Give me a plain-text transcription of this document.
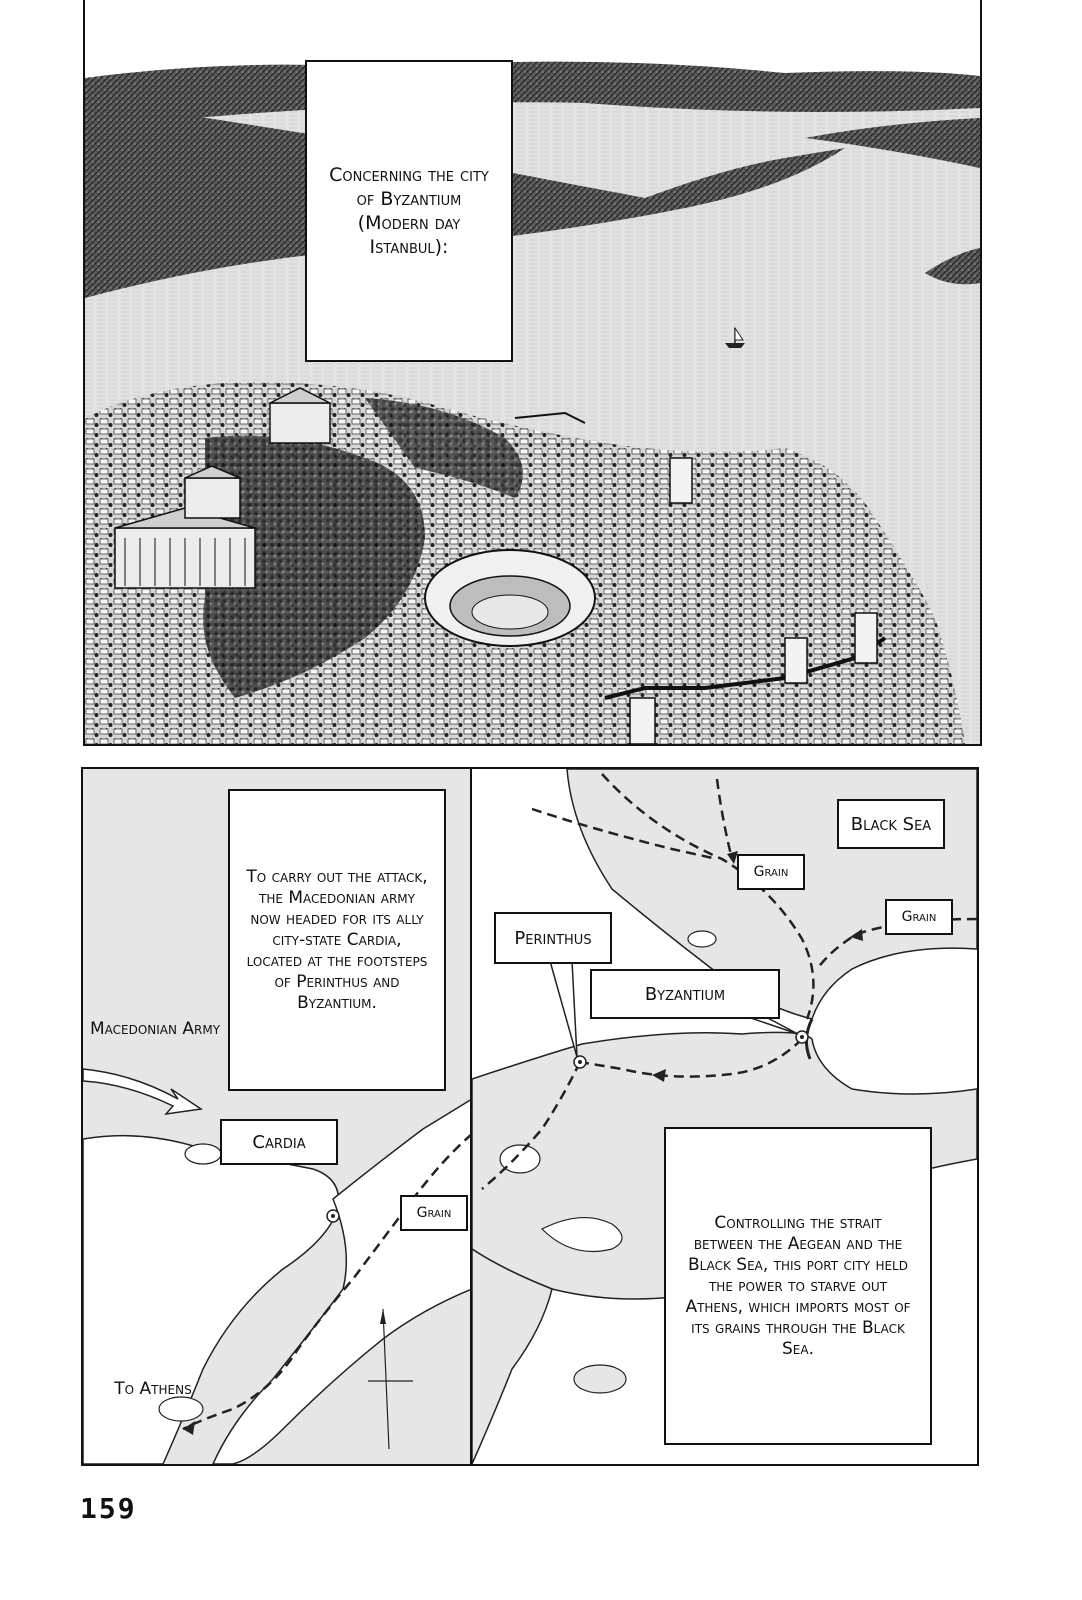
Concerning the city of Byzantium (Modern day Istanbul):
To carry out the attack, the Macedonian army now headed for its ally city-state Cardia, located at the footsteps of Perinthus and Byzantium.
Macedonian Army
Cardia
To Athens
Black Sea
Grain
Grain
Perinthus
Byzantium
Controlling the strait between the Aegean and the Black Sea, this port city held the power to starve out Athens, which imports most of its grains through the Black Sea.
Grain
159
